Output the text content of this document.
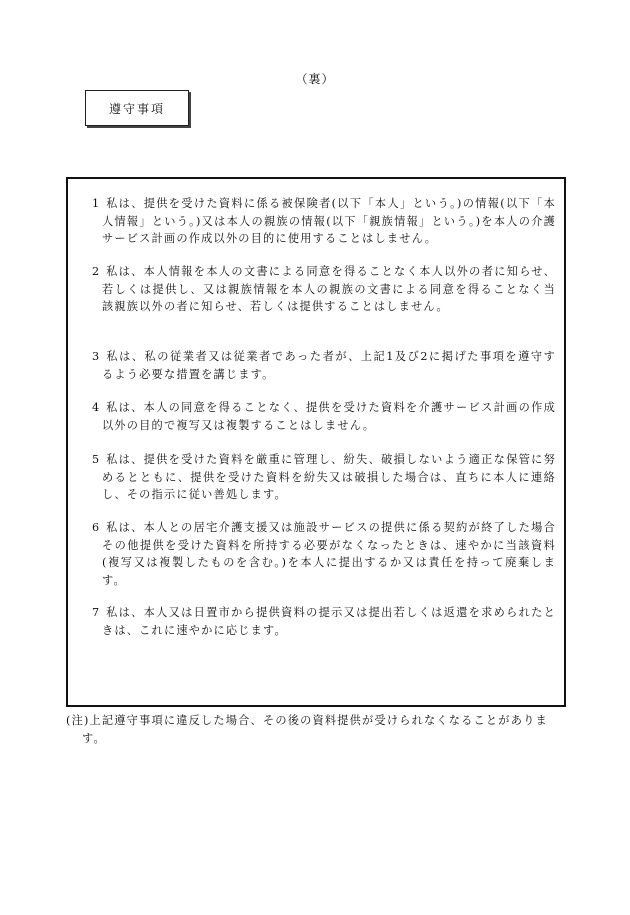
（裏）
遵守事項
1 私は、提供を受けた資料に係る被保険者(以下「本人」という。)の情報(以下「本人情報」という。)又は本人の親族の情報(以下「親族情報」という。)を本人の介護サービス計画の作成以外の目的に使用することはしません。
2 私は、本人情報を本人の文書による同意を得ることなく本人以外の者に知らせ、若しくは提供し、又は親族情報を本人の親族の文書による同意を得ることなく当該親族以外の者に知らせ、若しくは提供することはしません。
3 私は、私の従業者又は従業者であった者が、上記1及び2に掲げた事項を遵守するよう必要な措置を講じます。
4 私は、本人の同意を得ることなく、提供を受けた資料を介護サービス計画の作成以外の目的で複写又は複製することはしません。
5 私は、提供を受けた資料を厳重に管理し、紛失、破損しないよう適正な保管に努めるとともに、提供を受けた資料を紛失又は破損した場合は、直ちに本人に連絡し、その指示に従い善処します。
6 私は、本人との居宅介護支援又は施設サービスの提供に係る契約が終了した場合その他提供を受けた資料を所持する必要がなくなったときは、速やかに当該資料(複写又は複製したものを含む。)を本人に提出するか又は責任を持って廃棄します。
7 私は、本人又は日置市から提供資料の提示又は提出若しくは返還を求められたときは、これに速やかに応じます。
(注)上記遵守事項に違反した場合、その後の資料提供が受けられなくなることがあります。
